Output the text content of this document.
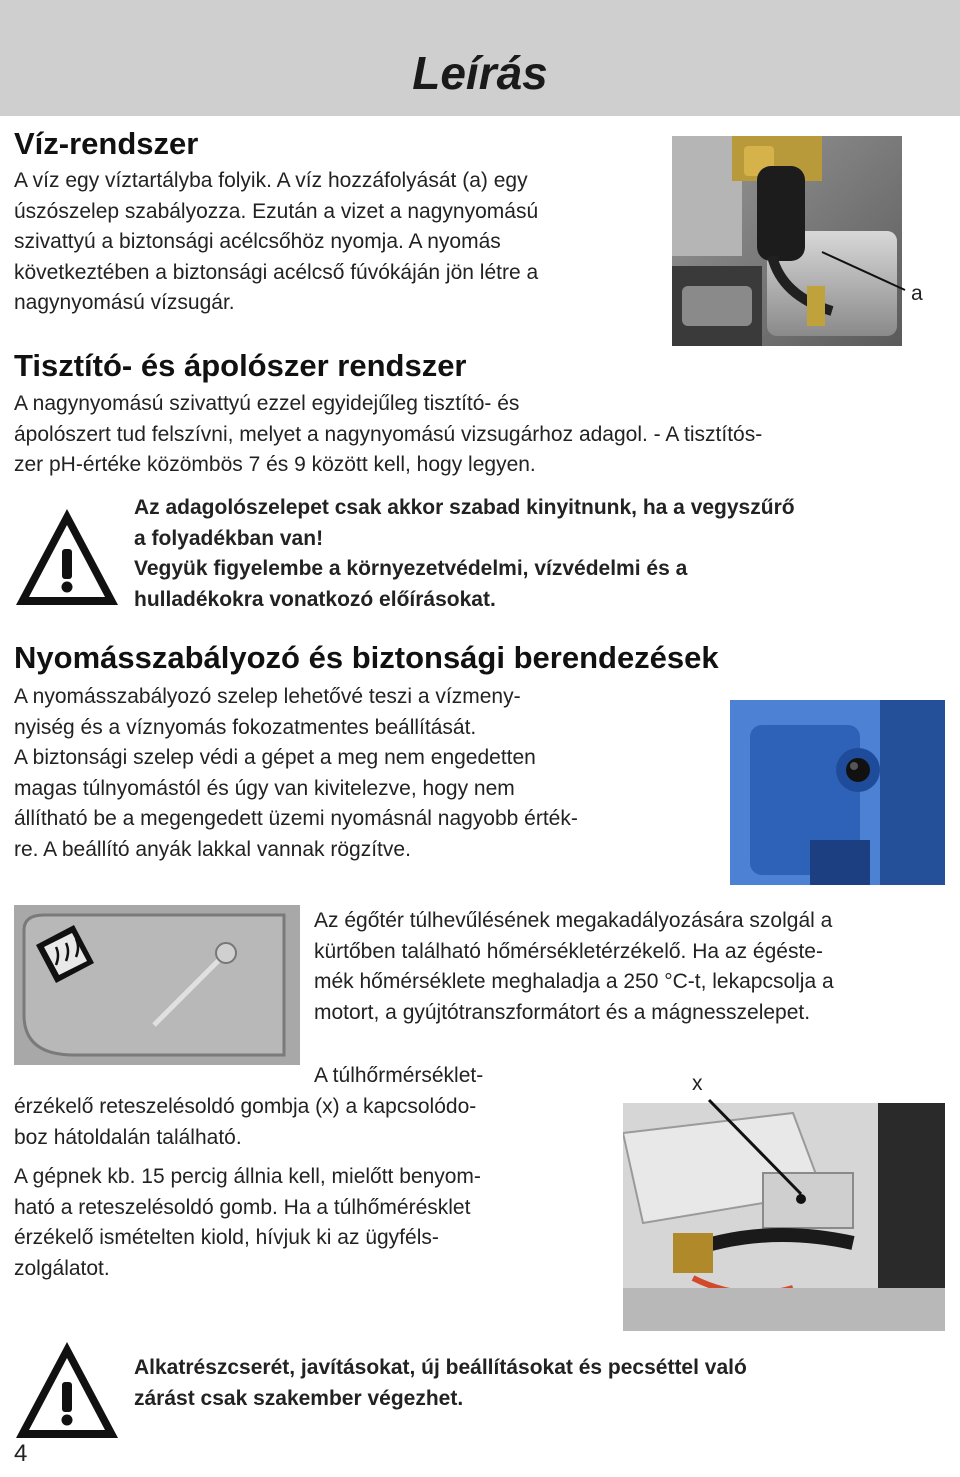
Leírás
Víz-rendszer
A víz egy víztartályba folyik. A víz hozzáfolyását (a) egy
úszószelep szabályozza. Ezután a vizet a nagynyomású
szivattyú a biztonsági acélcsőhöz nyomja. A nyomás
következtében a biztonsági acélcső fúvókáján jön létre a
nagynyomású vízsugár.	a
Tisztító- és ápolószer rendszer
A nagynyomású szivattyú ezzel egyidejűleg tisztító- és
ápolószert tud felszívni, melyet a nagynyomású vizsugárhoz adagol. - A tisztítós-
zer pH-értéke közömbös 7 és 9 között kell, hogy legyen.
Az adagolószelepet csak akkor szabad kinyitnunk, ha a vegyszűrő
a folyadékban van!
Vegyük figyelembe a környezetvédelmi, vízvédelmi és a
hulladékokra vonatkozó előírásokat.
Nyomásszabályozó és biztonsági berendezések
A nyomásszabályozó szelep lehetővé teszi a vízmeny-
nyiség és a víznyomás fokozatmentes beállítását.
A biztonsági szelep védi a gépet a meg nem engedetten
magas túlnyomástól és úgy van kivitelezve, hogy nem
állítható be a megengedett üzemi nyomásnál nagyobb érték-
re. A beállító anyák lakkal vannak rögzítve.
Az égőtér túlhevűlésének megakadályozására szolgál a
kürtőben található hőmérsékletérzékelő. Ha az égéste-
mék hőmérséklete meghaladja a 250 °C-t, lekapcsolja a
motort, a gyújtótranszformátort és a mágnesszelepet.
A túlhőrmérséklet-
érzékelő reteszelésoldó gombja (x) a kapcsolódo-
boz hátoldalán található.
A gépnek kb. 15 percig állnia kell, mielőtt benyom-
ható a reteszelésoldó gomb. Ha a túlhőmérésklet
érzékelő ismételten kiold, hívjuk ki az ügyféls-
zolgálatot.
x
Alkatrészcserét, javításokat, új beállításokat és pecséttel való
zárást csak szakember végezhet.
4
